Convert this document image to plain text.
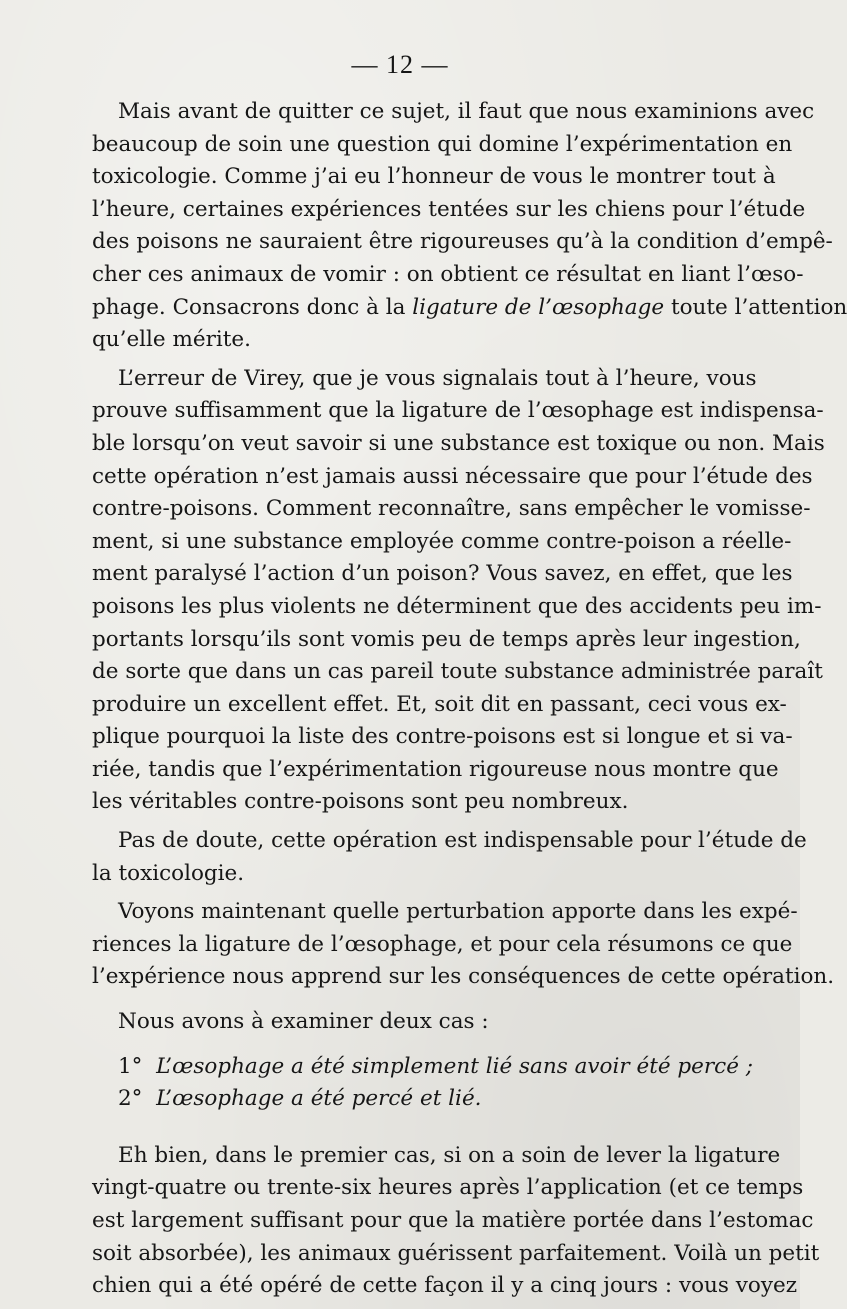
— 12 —
Mais avant de quitter ce sujet, il faut que nous examinions avec
beaucoup de soin une question qui domine l’expérimentation en
toxicologie. Comme j’ai eu l’honneur de vous le montrer tout à
l’heure, certaines expériences tentées sur les chiens pour l’étude
des poisons ne sauraient être rigoureuses qu’à la condition d’empê-
cher ces animaux de vomir : on obtient ce résultat en liant l’œso-
phage. Consacrons donc à la ligature de l’œsophage toute l’attention
qu’elle mérite.
L’erreur de Virey, que je vous signalais tout à l’heure, vous
prouve suffisamment que la ligature de l’œsophage est indispensa-
ble lorsqu’on veut savoir si une substance est toxique ou non. Mais
cette opération n’est jamais aussi nécessaire que pour l’étude des
contre-poisons. Comment reconnaître, sans empêcher le vomisse-
ment, si une substance employée comme contre-poison a réelle-
ment paralysé l’action d’un poison? Vous savez, en effet, que les
poisons les plus violents ne déterminent que des accidents peu im-
portants lorsqu’ils sont vomis peu de temps après leur ingestion,
de sorte que dans un cas pareil toute substance administrée paraît
produire un excellent effet. Et, soit dit en passant, ceci vous ex-
plique pourquoi la liste des contre-poisons est si longue et si va-
riée, tandis que l’expérimentation rigoureuse nous montre que
les véritables contre-poisons sont peu nombreux.
Pas de doute, cette opération est indispensable pour l’étude de
la toxicologie.
Voyons maintenant quelle perturbation apporte dans les expé-
riences la ligature de l’œsophage, et pour cela résumons ce que
l’expérience nous apprend sur les conséquences de cette opération.
Nous avons à examiner deux cas :
1° L’œsophage a été simplement lié sans avoir été percé ;
2° L’œsophage a été percé et lié.
Eh bien, dans le premier cas, si on a soin de lever la ligature
vingt-quatre ou trente-six heures après l’application (et ce temps
est largement suffisant pour que la matière portée dans l’estomac
soit absorbée), les animaux guérissent parfaitement. Voilà un petit
chien qui a été opéré de cette façon il y a cinq jours : vous voyez
